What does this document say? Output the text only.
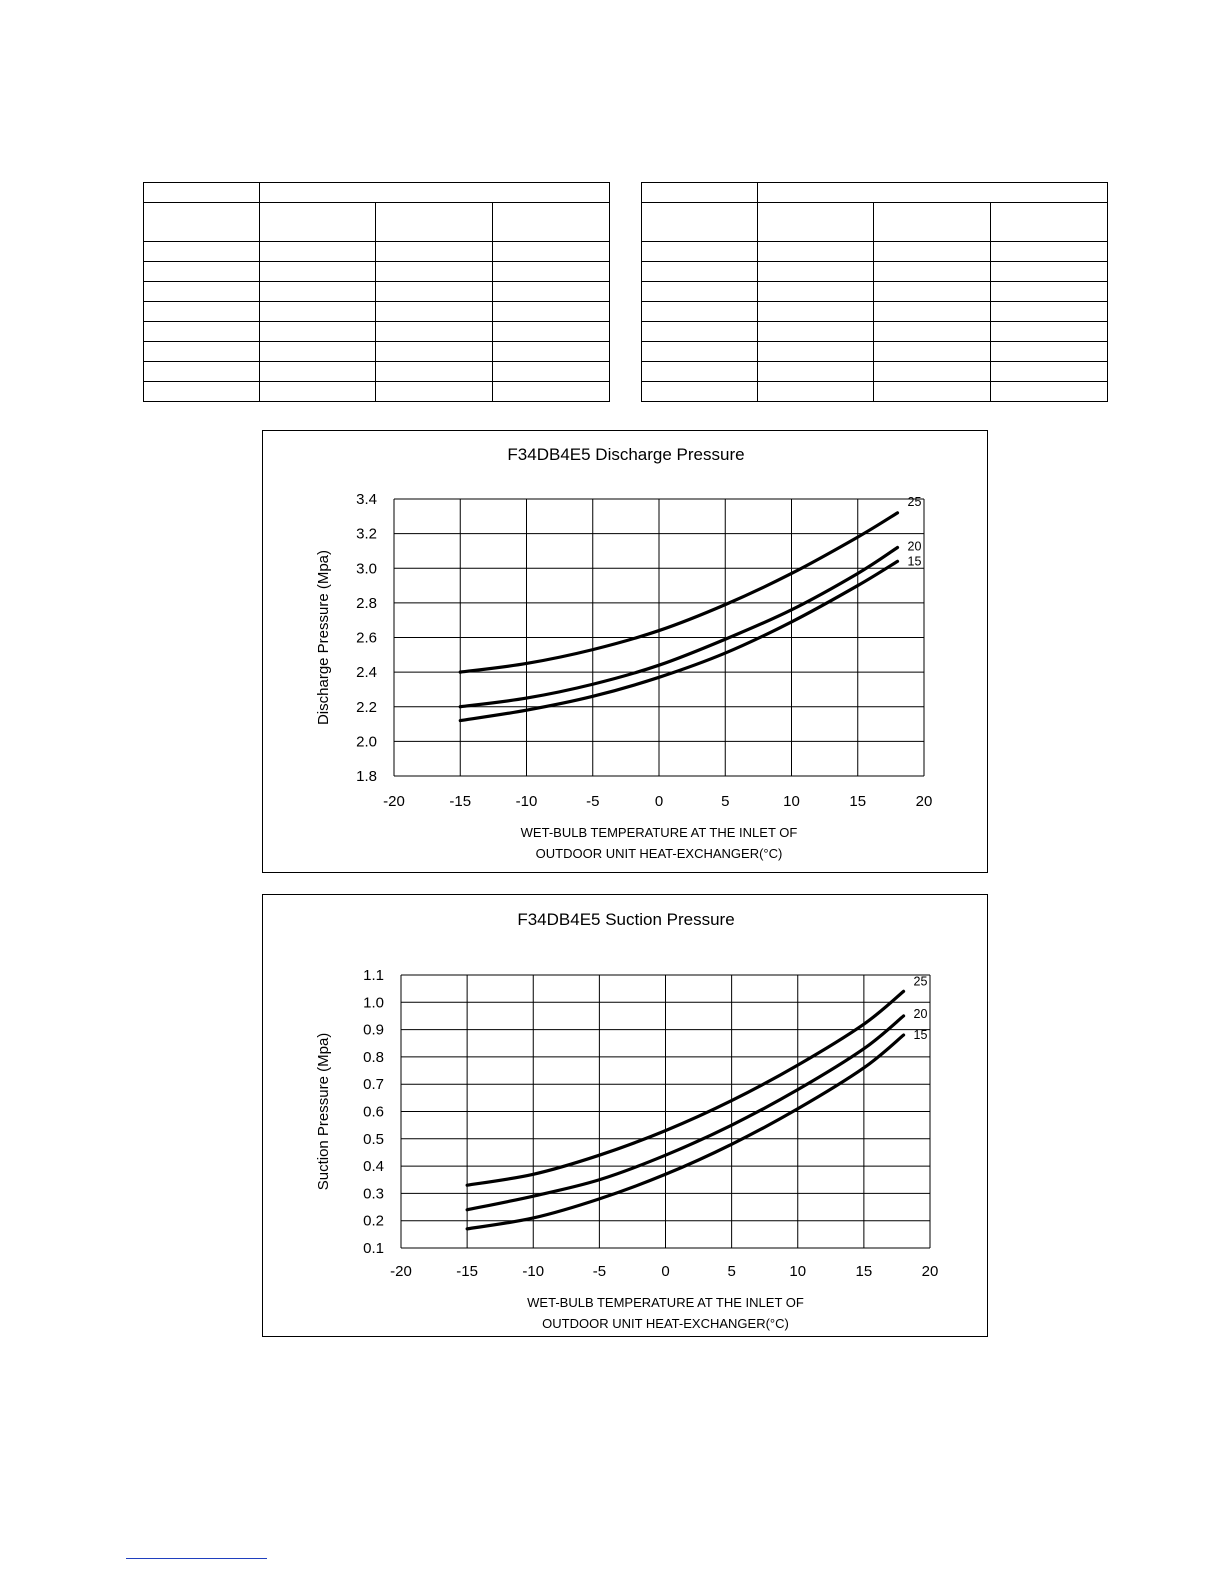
F34DB4E5 Discharge Pressure
1.8
2.0
2.2
2.4
2.6
2.8
3.0
3.2
3.4
-20	-15	-10	-5	0	5	10	15	20
Discharge Pressure (Mpa)
WET-BULB TEMPERATURE AT THE INLET OF
OUTDOOR UNIT HEAT-EXCHANGER(°C)
25
20
15
F34DB4E5 Suction Pressure
0.1
0.2
0.3
0.4
0.5
0.6
0.7
0.8
0.9
1.0
1.1
-20	-15	-10	-5	0	5	10	15	20
Suction Pressure (Mpa)
WET-BULB TEMPERATURE AT THE INLET OF
OUTDOOR UNIT HEAT-EXCHANGER(°C)
25
20
15
